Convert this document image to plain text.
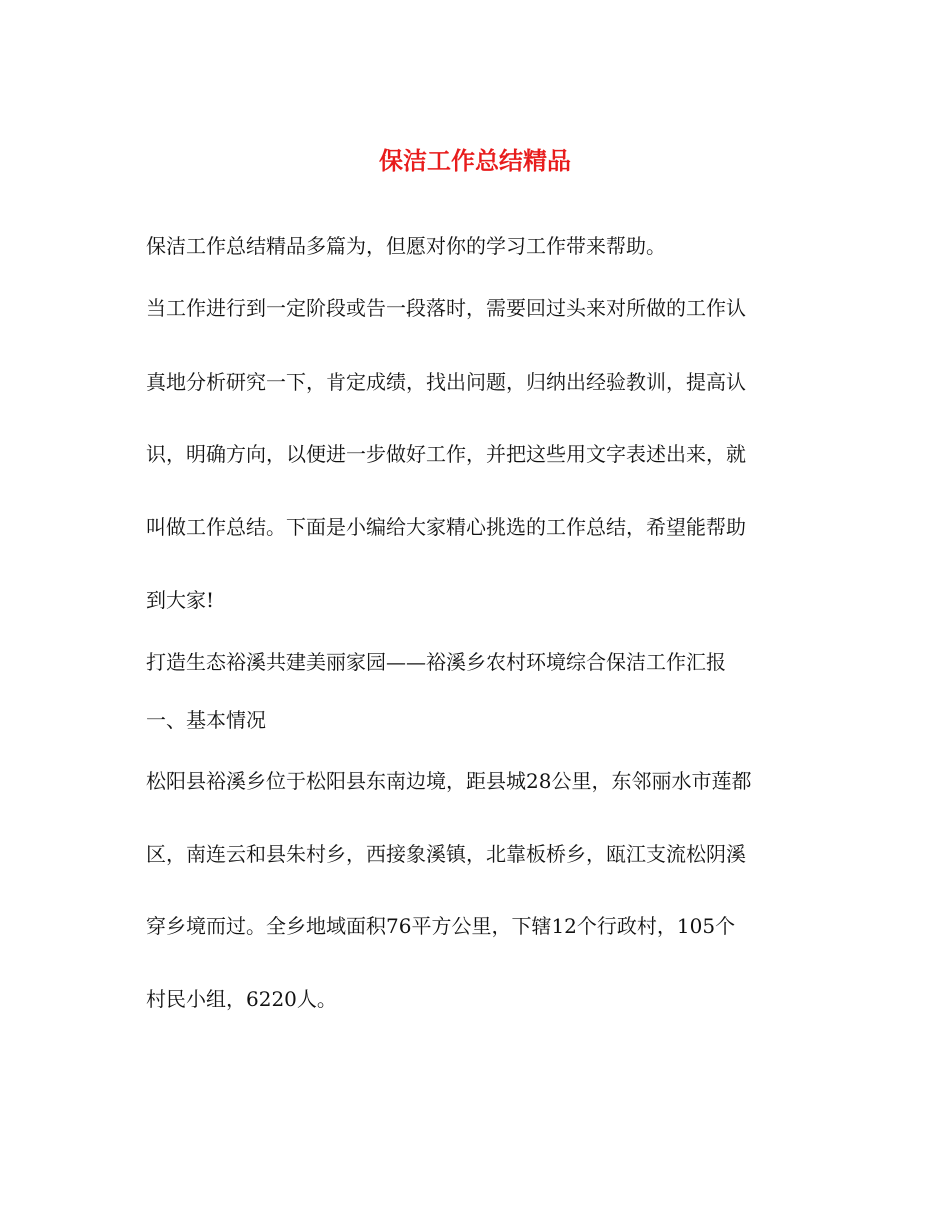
保洁工作总结精品
保洁工作总结精品多篇为，但愿对你的学习工作带来帮助。
当工作进行到一定阶段或告一段落时，需要回过头来对所做的工作认
真地分析研究一下，肯定成绩，找出问题，归纳出经验教训，提高认
识，明确方向，以便进一步做好工作，并把这些用文字表述出来，就
叫做工作总结。下面是小编给大家精心挑选的工作总结，希望能帮助
到大家!
打造生态裕溪共建美丽家园——裕溪乡农村环境综合保洁工作汇报
一、基本情况
松阳县裕溪乡位于松阳县东南边境，距县城28公里，东邻丽水市莲都
区，南连云和县朱村乡，西接象溪镇，北靠板桥乡，瓯江支流松阴溪
穿乡境而过。全乡地域面积76平方公里，下辖12个行政村，105个
村民小组，6220人。
